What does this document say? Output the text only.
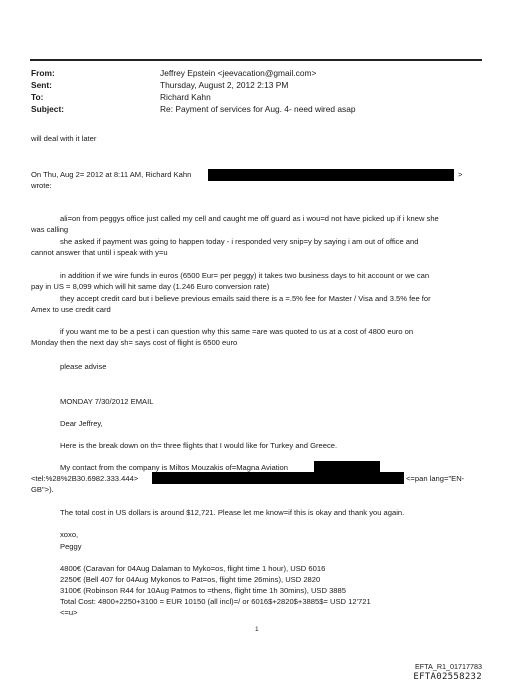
From:	Jeffrey Epstein <jeevacation@gmail.com>
Sent:	Thursday, August 2, 2012 2:13 PM
To:	Richard Kahn
Subject:	Re: Payment of services for Aug. 4- need wired asap
will deal with it later
On Thu, Aug 2= 2012 at 8:11 AM, Richard Kahn	>
wrote:
ali=on from peggys office just called my cell and caught me off guard as i wou=d not have picked up if i knew she
was calling
she asked if payment was going to happen today - i responded very snip=y by saying i am out of office and
cannot answer that until i speak with y=u
in addition if we wire funds in euros (6500 Eur= per peggy) it takes two business days to hit account or we can
pay in US = 8,099 which will hit same day (1.246 Euro conversion rate)
they accept credit card but i believe previous emails said there is a =.5% fee for Master / Visa and 3.5% fee for
Amex to use credit card
if you want me to be a pest i can question why this same =are was quoted to us at a cost of 4800 euro on
Monday then the next day sh= says cost of flight is 6500 euro
please advise
MONDAY 7/30/2012 EMAIL
Dear Jeffrey,
Here is the break down on th= three flights that I would like for Turkey and Greece.
My contact from the company is Miltos Mouzakis of=Magna Aviation
<tel:%28%2B30.6982.333.444>	<=pan lang="EN-
GB">).
The total cost in US dollars is around $12,721. Please let me know=if this is okay and thank you again.
xoxo,
Peggy
4800€ (Caravan for 04Aug Dalaman to Myko=os, flight time 1 hour), USD 6016
2250€ (Bell 407 for 04Aug Mykonos to Pat=os, flight time 26mins), USD 2820
3100€ (Robinson R44 for 10Aug Patmos to =thens, flight time 1h 30mins), USD 3885
Total Cost: 4800+2250+3100 = EUR 10150 (all incl)=/ or 6016$+2820$+3885$= USD 12'721
<=u>
1
EFTA_R1_01717783
EFTA02558232
